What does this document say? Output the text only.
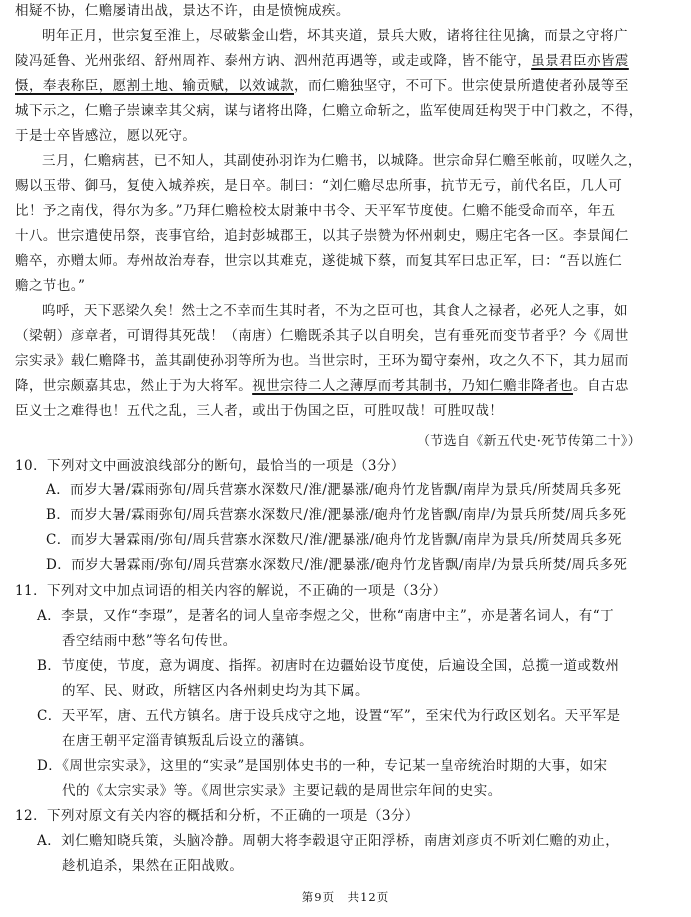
相疑不协，仁赡屡请出战，景达不许，由是愤惋成疾。
明年正月，世宗复至淮上，尽破紫金山砦，坏其夹道，景兵大败，诸将往往见擒，而景之守将广
陵冯延鲁、光州张绍、舒州周祚、泰州方讷、泗州范再遇等，或走或降，皆不能守，虽景君臣亦皆震
慑，奉表称臣，愿割土地、输贡赋，以效诚款，而仁赡独坚守，不可下。世宗使景所遣使者孙晟等至
城下示之，仁赡子崇谏幸其父病，谋与诸将出降，仁赡立命斩之，监军使周廷构哭于中门救之，不得，
于是士卒皆感泣，愿以死守。
三月，仁赡病甚，已不知人，其副使孙羽诈为仁赡书，以城降。世宗命舁仁赡至帐前，叹嗟久之，
赐以玉带、御马，复使入城养疾，是日卒。制曰：“刘仁赡尽忠所事，抗节无亏，前代名臣，几人可
比！予之南伐，得尔为多。”乃拜仁赡检校太尉兼中书令、天平军节度使。仁赡不能受命而卒，年五
十八。世宗遣使吊祭，丧事官给，追封彭城郡王，以其子崇赞为怀州刺史，赐庄宅各一区。李景闻仁
赡卒，亦赠太师。寿州故治寿春，世宗以其难克，遂徙城下蔡，而复其军曰忠正军，曰：“吾以旌仁
赡之节也。”
呜呼，天下恶梁久矣！然士之不幸而生其时者，不为之臣可也，其食人之禄者，必死人之事，如
（梁朝）彦章者，可谓得其死哉！（南唐）仁赡既杀其子以自明矣，岂有垂死而变节者乎？今《周世
宗实录》载仁赡降书，盖其副使孙羽等所为也。当世宗时，王环为蜀守秦州，攻之久不下，其力屈而
降，世宗颇嘉其忠，然止于为大将军。视世宗待二人之薄厚而考其制书，乃知仁赡非降者也。自古忠
臣义士之难得也！五代之乱，三人者，或出于伪国之臣，可胜叹哉！可胜叹哉！
（节选自《新五代史·死节传第二十》）
10．下列对文中画波浪线部分的断句，最恰当的一项是（3分）
A．而岁大暑/霖雨弥旬/周兵营寨水深数尺/淮/淝暴涨/砲舟竹龙皆飘/南岸为景兵/所焚周兵多死
B．而岁大暑/霖雨弥旬/周兵营寨水深数尺/淮/淝暴涨/砲舟竹龙皆飘/南岸/为景兵所焚/周兵多死
C．而岁大暑霖雨/弥旬/周兵营寨水深数尺/淮/淝暴涨/砲舟竹龙皆飘/南岸为景兵/所焚周兵多死
D．而岁大暑霖雨/弥旬/周兵营寨水深数尺/淮/淝暴涨/砲舟竹龙皆飘/南岸/为景兵所焚/周兵多死
11．下列对文中加点词语的相关内容的解说，不正确的一项是（3分）
A．李景，又作“李璟”，是著名的词人皇帝李煜之父，世称“南唐中主”，亦是著名词人，有“丁
香空结雨中愁”等名句传世。
B．节度使，节度，意为调度、指挥。初唐时在边疆始设节度使，后遍设全国，总揽一道或数州
的军、民、财政，所辖区内各州刺史均为其下属。
C．天平军，唐、五代方镇名。唐于设兵戍守之地，设置“军”，至宋代为行政区划名。天平军是
在唐王朝平定淄青镇叛乱后设立的藩镇。
D．《周世宗实录》，这里的“实录”是国别体史书的一种，专记某一皇帝统治时期的大事，如宋
代的《太宗实录》等。《周世宗实录》主要记载的是周世宗年间的史实。
12．下列对原文有关内容的概括和分析，不正确的一项是（3分）
A．刘仁赡知晓兵策，头脑冷静。周朝大将李毂退守正阳浮桥，南唐刘彦贞不听刘仁赡的劝止，
趁机追杀，果然在正阳战败。
第9页　共12页
